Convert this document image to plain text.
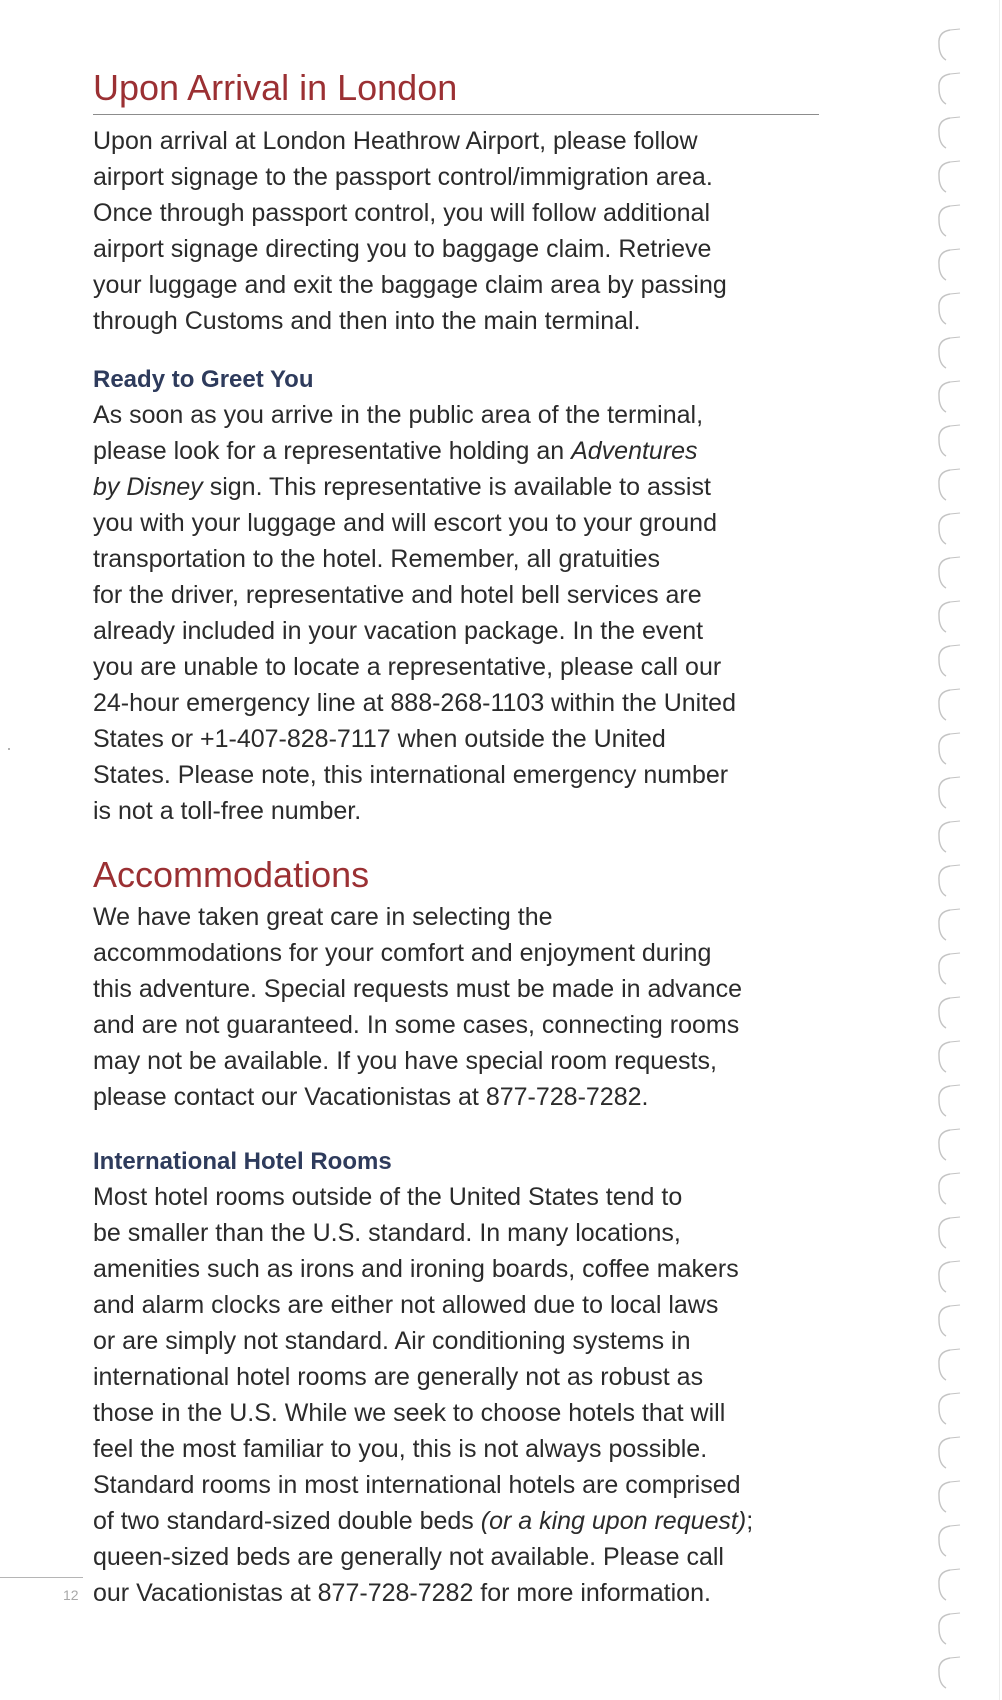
Upon Arrival in London

Upon arrival at London Heathrow Airport, please follow
airport signage to the passport control/immigration area.
Once through passport control, you will follow additional
airport signage directing you to baggage claim. Retrieve
your luggage and exit the baggage claim area by passing
through Customs and then into the main terminal.

Ready to Greet You

As soon as you arrive in the public area of the terminal,
please look for a representative holding an Adventures
by Disney sign. This representative is available to assist
you with your luggage and will escort you to your ground
transportation to the hotel. Remember, all gratuities
for the driver, representative and hotel bell services are
already included in your vacation package. In the event
you are unable to locate a representative, please call our
24-hour emergency line at 888-268-1103 within the United
States or +1-407-828-7117 when outside the United
States. Please note, this international emergency number
is not a toll-free number.

Accommodations

We have taken great care in selecting the
accommodations for your comfort and enjoyment during
this adventure. Special requests must be made in advance
and are not guaranteed. In some cases, connecting rooms
may not be available. If you have special room requests,
please contact our Vacationistas at 877-728-7282.

International Hotel Rooms

Most hotel rooms outside of the United States tend to
be smaller than the U.S. standard. In many locations,
amenities such as irons and ironing boards, coffee makers
and alarm clocks are either not allowed due to local laws
or are simply not standard. Air conditioning systems in
international hotel rooms are generally not as robust as
those in the U.S. While we seek to choose hotels that will
feel the most familiar to you, this is not always possible.
Standard rooms in most international hotels are comprised
of two standard-sized double beds (or a king upon request);
queen-sized beds are generally not available. Please call
our Vacationistas at 877-728-7282 for more information.

12
